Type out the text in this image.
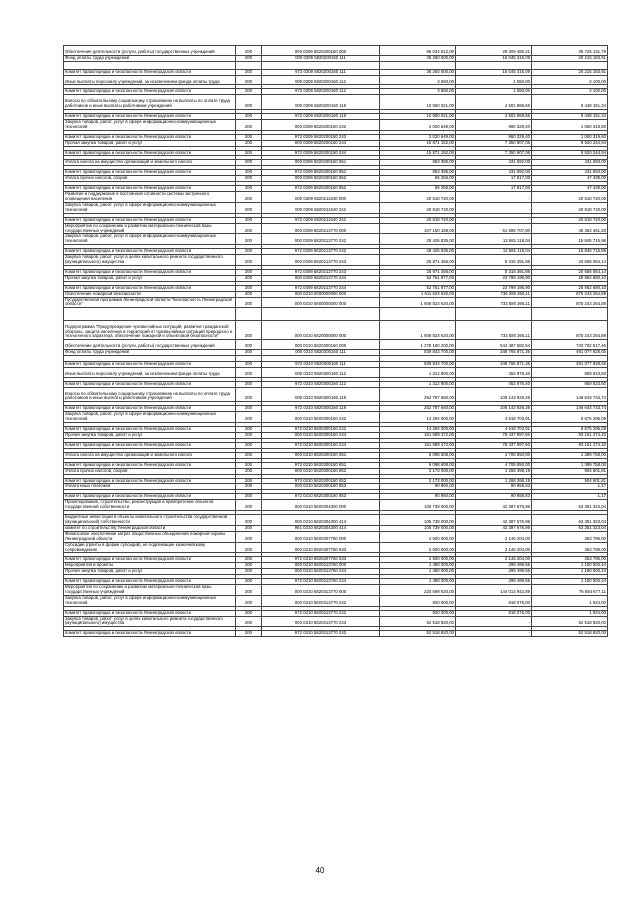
Обеспечение деятельности (услуги, работы) государственных учреждений	200	000 0309 5820200160 000	86 034 612,00	29 309 480,21	36 725 131,79
Фонд оплаты труда учреждений	200	000 0309 5820200160 111	36 260 500,00	16 045 316,09	20 215 183,91

Комитет правопорядка и безопасности Ленинградской области	200	972 0309 5820200160 111	36 260 500,00	16 045 316,09	20 215 183,91
Иные выплаты персоналу учреждений, за исключением фонда оплаты труда	200	000 0309 5820200160 112	3 650,00	1 550,00	2 100,00

Комитет правопорядка и безопасности Ленинградской области	200	972 0309 5820200160 112	3 650,00	1 550,00	2 100,00
Взносы по обязательному социальному страхованию на выплаты по оплате труда работников и иные выплаты работникам учреждений	200	000 0309 5820200160 119	10 950 021,00	4 501 869,66	6 448 151,34

Комитет правопорядка и безопасности Ленинградской области	200	972 0309 5820200160 119	10 950 021,00	4 501 869,66	6 448 151,34
Закупка товаров, работ, услуг в сфере информационно-коммуникационных технологий	200	000 0309 5820200160 242	2 020 649,00	960 329,40	1 060 319,60

Комитет правопорядка и безопасности Ленинградской области	200	972 0309 5820200160 242	2 020 649,00	960 329,40	1 060 319,60
Прочая закупка товаров, работ и услуг	200	000 0309 5820200160 244	15 871 152,00	7 350 907,06	8 520 244,94

Комитет правопорядка и безопасности Ленинградской области	200	972 0309 5820200160 244	15 871 152,00	7 350 907,06	8 520 244,94

Уплата налога на имущество организаций и земельного налога	200	000 0309 5820200160 851	863 385,00	431 692,00	431 693,00

Комитет правопорядка и безопасности Ленинградской области	200	972 0309 5820200160 851	863 385,00	431 692,00	431 693,00
Уплата прочих налогов, сборов	200	000 0309 5820200160 852	65 256,00	17 817,00	47 439,00

Комитет правопорядка и безопасности Ленинградской области	200	972 0309 5820200160 852	65 256,00	17 817,00	47 439,00
Развитие и поддержание в постоянной готовности системы экстренного оповещения населения	200	000 0309 5820211540 000	20 818 720,00	-	20 818 720,00
Закупка товаров, работ, услуг в сфере информационно-коммуникационных технологий	200	000 0309 5820211540 242	20 818 720,00	-	20 818 720,00

Комитет правопорядка и безопасности Ленинградской области	200	972 0309 5820211540 242	20 818 720,00	-	20 818 720,00
Мероприятия по сохранению и развитию материально-технической базы государственных учреждений	200	000 0309 5820213770 000	107 150 169,00	61 695 707,80	45 454 461,20
Закупка товаров, работ, услуг в сфере информационно-коммуникационных технологий	200	000 0309 5820213770 242	28 426 835,00	12 581 119,04	15 845 715,96

Комитет правопорядка и безопасности Ленинградской области	200	972 0309 5820213770 242	28 426 835,00	12 581 119,04	15 845 715,96
Закупка товаров, работ, услуг в целях капитального ремонта государственного (муниципального) имущества	200	000 0309 5820213770 243	25 971 456,00	5 315 391,86	20 656 064,14

Комитет правопорядка и безопасности Ленинградской области	200	972 0309 5820213770 243	25 971 456,00	5 315 391,86	20 656 064,14
Прочая закупка товаров, работ и услуг	200	000 0309 5820213770 244	52 751 877,00	23 799 196,90	28 952 680,10

Комитет правопорядка и безопасности Ленинградской области	200	972 0309 5820213770 244	52 751 877,00	23 799 196,90	28 952 680,10
Обеспечение пожарной безопасности	200	000 0310 0000000000 000	1 611 623 620,00	736 380 365,11	875 243 254,89
Государственная программа Ленинградской области "Безопасность Ленинградской области"	200	000 0310 5800000000 000	1 608 823 620,00	733 580 365,11	875 243 254,89

Подпрограмма "Предупреждение чрезвычайных ситуаций, развитие гражданской обороны, защита населения и территорий от чрезвычайных ситуаций природного и техногенного характера, обеспечение пожарной и объектовой безопасности"	200	000 0310 5820000000 000	1 608 823 620,00	733 580 365,11	875 243 254,89
Обеспечение деятельности (услуги, работы) государственных учреждений	200	000 0310 5820300160 000	1 278 190 200,00	544 487 682,54	733 702 517,46
Фонд оплаты труда учреждений	200	000 0310 5820300160 111	839 843 700,00	348 765 871,35	491 077 828,65

Комитет правопорядка и безопасности Ленинградской области	200	972 0310 5820300160 111	839 843 700,00	348 765 871,35	491 077 828,65
Иные выплаты персоналу учреждений, за исключением фонда оплаты труда	200	000 0310 5820300160 112	1 312 800,00	452 976,40	859 823,60

Комитет правопорядка и безопасности Ленинградской области	200	972 0310 5820300160 112	1 312 800,00	452 976,40	859 823,60
Взносы по обязательному социальному страхованию на выплаты по оплате труда работников и иные выплаты работникам учреждений	200	000 0310 5820300160 119	252 787 660,00	106 143 926,26	146 643 733,74

Комитет правопорядка и безопасности Ленинградской области	200	972 0310 5820300160 119	252 787 660,00	106 143 926,26	146 643 733,74
Закупка товаров, работ, услуг в сфере информационно-коммуникационных технологий	200	000 0310 5820300160 242	14 294 000,00	4 618 703,91	9 675 296,09

Комитет правопорядка и безопасности Ленинградской области	200	972 0310 5820300160 242	14 294 000,00	4 618 703,91	9 675 296,09
Прочая закупка товаров, работ и услуг	200	000 0310 5820300160 244	161 589 472,00	78 437 997,60	83 151 474,40

Комитет правопорядка и безопасности Ленинградской области	200	972 0310 5820300160 244	161 589 472,00	78 437 997,60	83 151 474,40

Уплата налога на имущество организаций и земельного налога	200	000 0310 5820300160 851	6 098 608,00	4 708 850,00	1 389 758,00

Комитет правопорядка и безопасности Ленинградской области	200	972 0310 5820300160 851	6 098 608,00	4 708 850,00	1 389 758,00
Уплата прочих налогов, сборов	200	000 0310 5820300160 852	2 173 000,00	1 268 398,19	904 601,81

Комитет правопорядка и безопасности Ленинградской области	200	972 0310 5820300160 852	2 173 000,00	1 268 398,19	904 601,81
Уплата иных платежей	200	000 0310 5820300160 853	90 960,00	90 958,83	1,17

Комитет правопорядка и безопасности Ленинградской области	200	972 0310 5820300160 853	90 960,00	90 958,83	1,17
Проектирование, строительство, реконструкция и приобретение объектов государственной собственности	200	000 0310 5820304300 000	105 739 000,00	42 387 676,96	63 351 323,04

Бюджетные инвестиции в объекты капитального строительства государственной (муниципальной) собственности	200	000 0310 5820304300 414	105 739 000,00	42 387 676,96	63 351 323,04
комитет по строительству Ленинградской области	200	981 0310 5820304300 414	105 739 000,00	42 387 676,96	63 351 323,04
Финансовое обеспечение затрат общественных объединения пожарной охраны Ленинградской области	200	000 0310 5820307750 000	2 500 000,00	2 146 204,00	353 796,00
Субсидии (гранты в форме субсидий), не подлежащие казначейскому сопровождению	200	000 0310 5820307750 633	2 500 000,00	2 146 204,00	353 796,00

Комитет правопорядка и безопасности Ленинградской области	200	972 0310 5820307750 633	2 500 000,00	2 146 204,00	353 796,00
Мероприятия и проекты	200	000 0310 5820313760 000	1 480 000,00	299 499,56	1 180 500,44
Прочая закупка товаров, работ и услуг	200	000 0310 5820313760 244	1 480 000,00	299 499,56	1 180 500,44

Комитет правопорядка и безопасности Ленинградской области	200	972 0310 5820313760 244	1 480 000,00	299 499,56	1 180 500,44
Мероприятия по сохранению и развитию материально-технической базы государственных учреждений	200	000 0310 5820313770 000	220 599 620,00	144 014 942,89	76 584 677,11
Закупка товаров, работ, услуг в сфере информационно-коммуникационных технологий	200	000 0310 5820313770 242	820 000,00	818 076,00	1 924,00

Комитет правопорядка и безопасности Ленинградской области	200	972 0310 5820313770 242	820 000,00	818 076,00	1 924,00
Закупка товаров, работ, услуг в целях капитального ремонта государственного (муниципального) имущества	200	000 0310 5820313770 243	52 518 920,00	-	52 518 920,00

Комитет правопорядка и безопасности Ленинградской области	200	972 0310 5820313770 243	52 518 920,00	-	52 518 920,00
40
